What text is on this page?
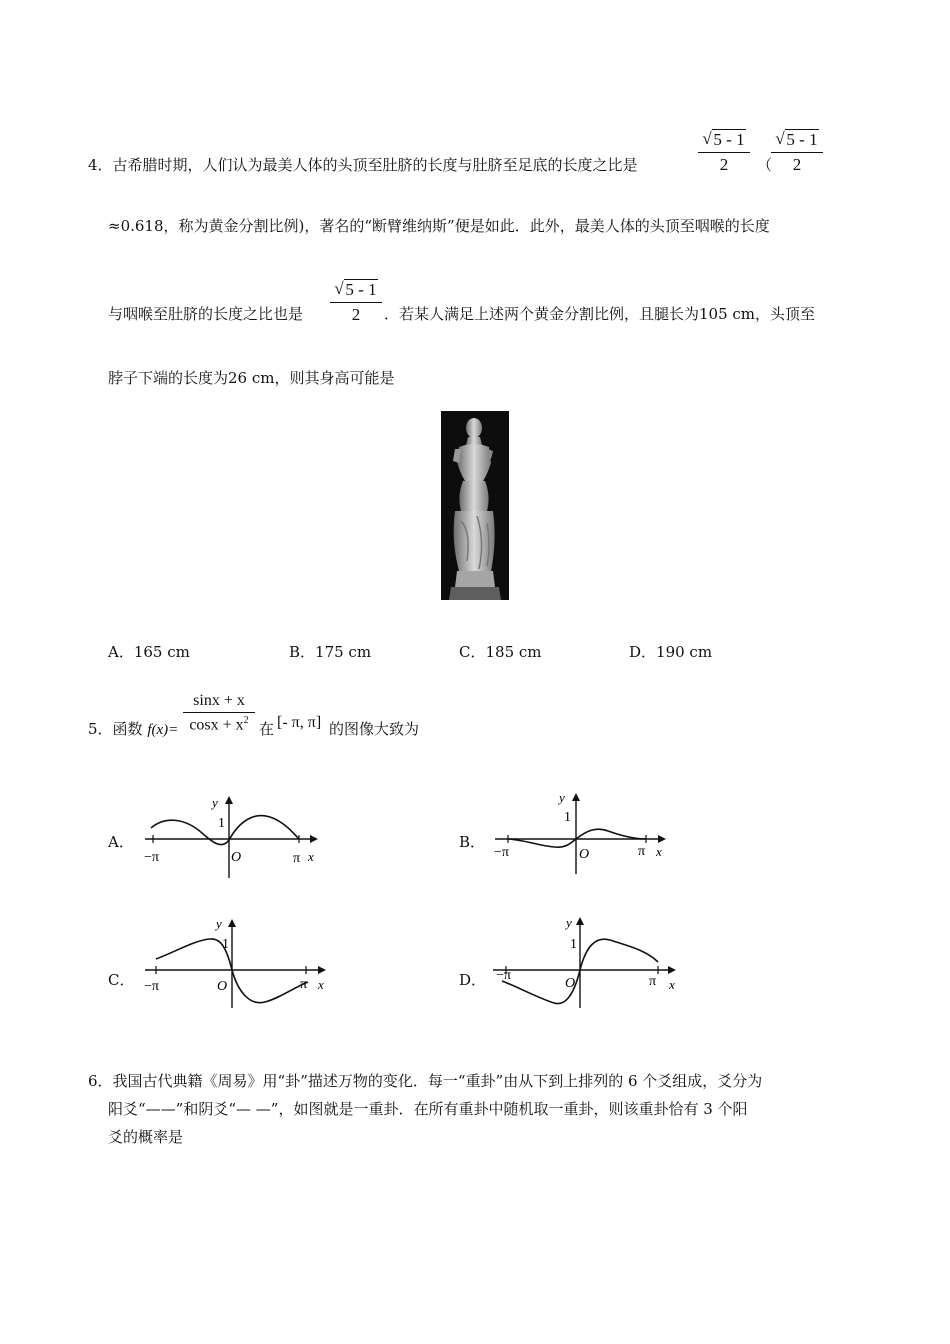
4．古希腊时期，人们认为最美人体的头顶至肚脐的长度与肚脐至足底的长度之比是
√ 5 - 1
2	（
√ 5 - 1
2
≈0.618，称为黄金分割比例)，著名的“断臂维纳斯”便是如此．此外，最美人体的头顶至咽喉的长度
与咽喉至肚脐的长度之比也是
√ 5 - 1
2	．若某人满足上述两个黄金分割比例，且腿长为105 cm，头顶至
脖子下端的长度为26 cm，则其身高可能是
A．165 cm	B．175 cm	C．185 cm	D．190 cm
5．函数 f(x)=
sinx + x
$\cos x + x^2$ 在 [- π, π] 的图像大致为
A．
1
y
−π	π
O	x
B．
1
y
−π	π
O	x
C．
1
y
−π	π
O	x	D．
1
y
−π	π
O	x
6．我国古代典籍《周易》用“卦”描述万物的变化．每一“重卦”由从下到上排列的 6 个爻组成，爻分为
阳爻“——”和阴爻“— —”，如图就是一重卦．在所有重卦中随机取一重卦，则该重卦恰有 3 个阳
爻的概率是
